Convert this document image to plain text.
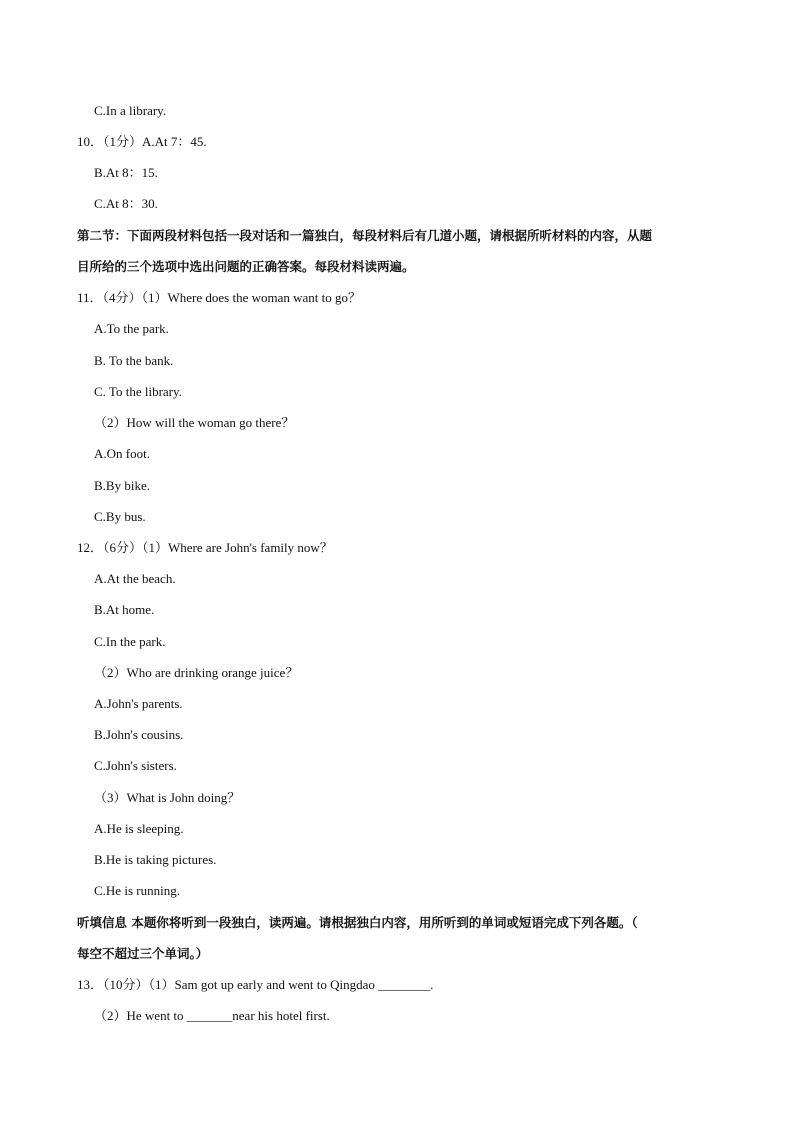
C.In a library.
10．（1分）A.At 7：45.
B.At 8：15.
C.At 8：30.
第二节：下面两段材料包括一段对话和一篇独白，每段材料后有几道小题，请根据所听材料的内容，从题
目所给的三个选项中选出问题的正确答案。每段材料读两遍。
11．（4分）（1）Where does the woman want to go？
A.To the park.
B. To the bank.
C. To the library.
（2）How will the woman go there？
A.On foot.
B.By bike.
C.By bus.
12．（6分）（1）Where are John's family now？
A.At the beach.
B.At home.
C.In the park.
（2）Who are drinking orange juice？
A.John's parents.
B.John's cousins.
C.John's sisters.
（3）What is John doing？
A.He is sleeping.
B.He is taking pictures.
C.He is running.
听填信息 本题你将听到一段独白，读两遍。请根据独白内容，用所听到的单词或短语完成下列各题。（
每空不超过三个单词。）
13．（10分）（1）Sam got up early and went to Qingdao ________.
（2）He went to _______near his hotel first.
